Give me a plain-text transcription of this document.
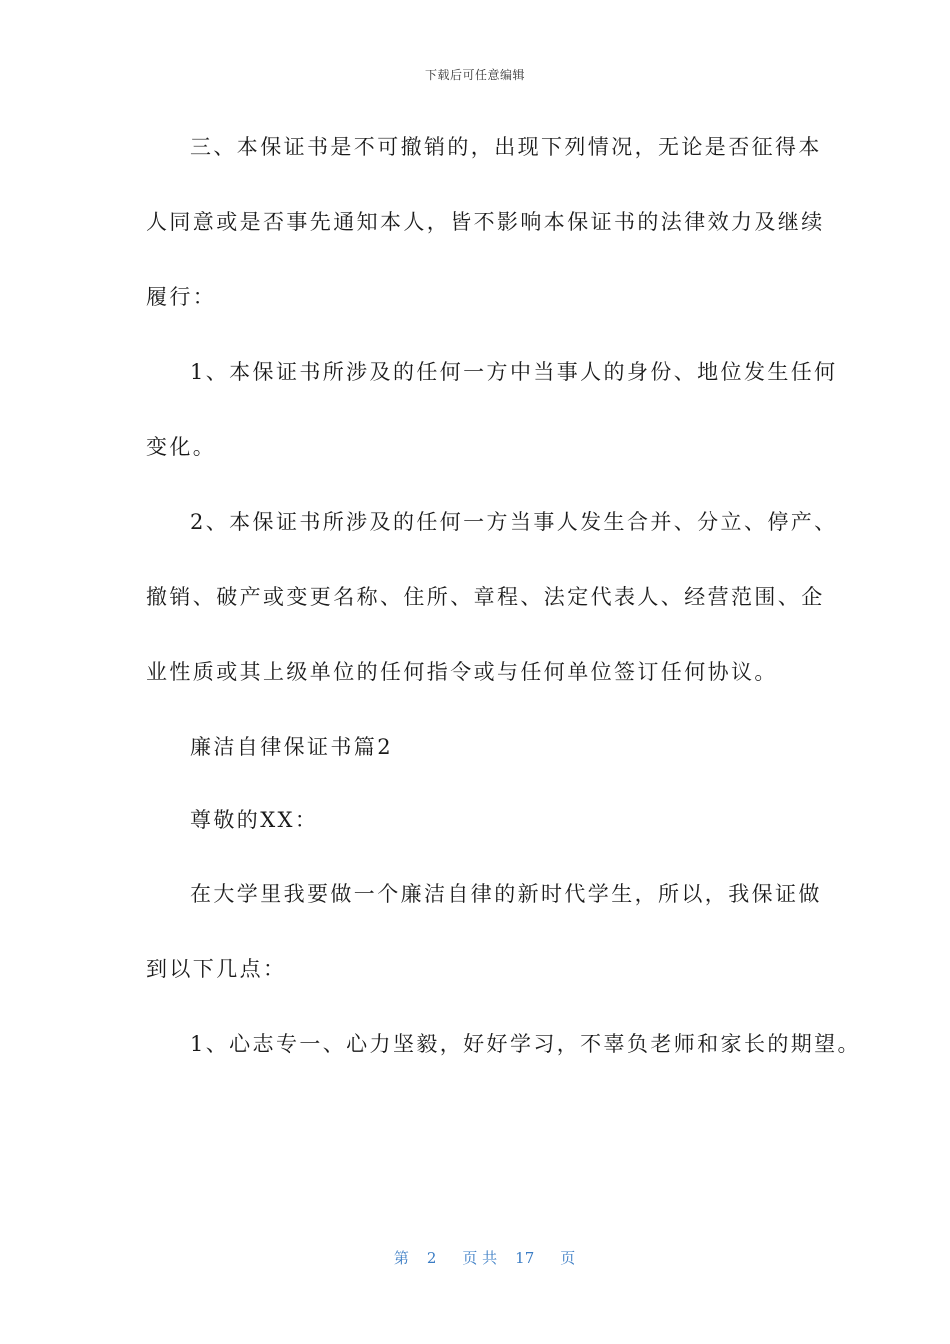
下载后可任意编辑
三、本保证书是不可撤销的，出现下列情况，无论是否征得本
人同意或是否事先通知本人，皆不影响本保证书的法律效力及继续
履行：
1、本保证书所涉及的任何一方中当事人的身份、地位发生任何
变化。
2、本保证书所涉及的任何一方当事人发生合并、分立、停产、
撤销、破产或变更名称、住所、章程、法定代表人、经营范围、企
业性质或其上级单位的任何指令或与任何单位签订任何协议。
廉洁自律保证书篇2
尊敬的XX：
在大学里我要做一个廉洁自律的新时代学生，所以，我保证做
到以下几点：
1、心志专一、心力坚毅，好好学习，不辜负老师和家长的期望。

第 2 页 共 17 页
